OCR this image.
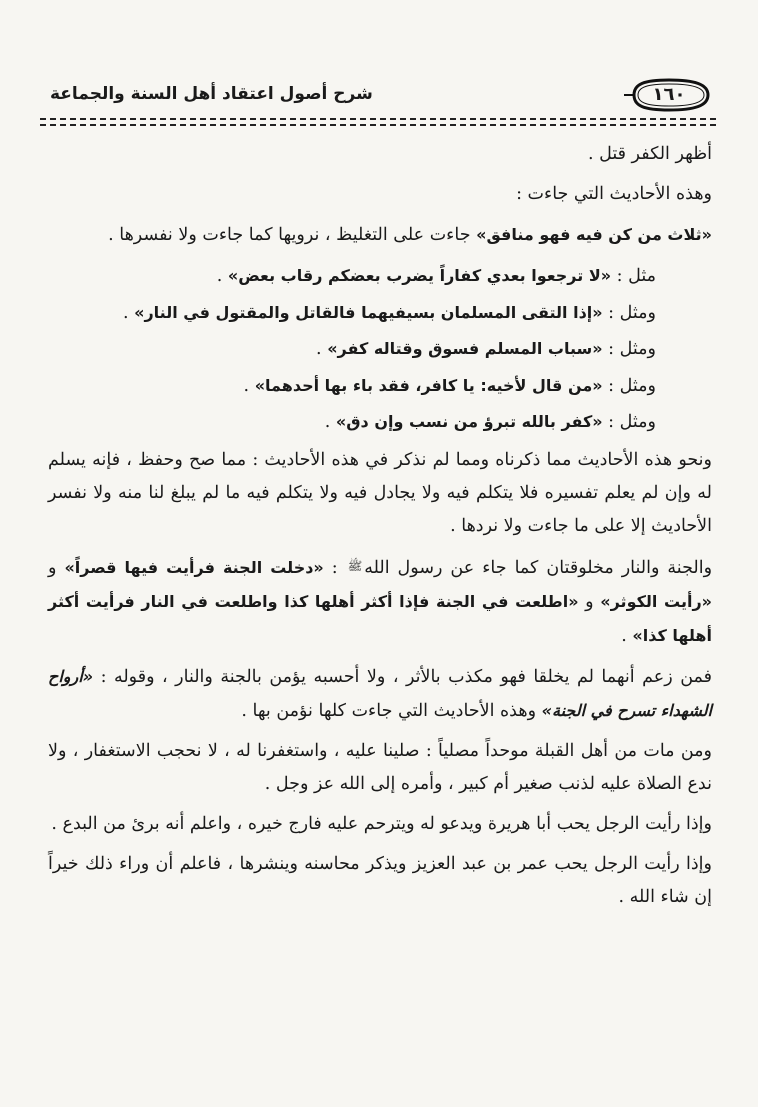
شرح أصول اعتقاد أهل السنة والجماعة	١٦٠

أظهر الكفر قتل .

وهذه الأحاديث التي جاءت :

«ثلاث من كن فيه فهو منافق» جاءت على التغليظ ، نرويها كما جاءت ولا نفسرها .

مثل : «لا ترجعوا بعدي كفاراً يضرب بعضكم رقاب بعض» .

ومثل : «إذا التقى المسلمان بسيفيهما فالقاتل والمقتول في النار» .

ومثل : «سباب المسلم فسوق وقتاله كفر» .

ومثل : «من قال لأخيه: يا كافر، فقد باء بها أحدهما» .

ومثل : «كفر بالله تبرؤ من نسب وإن دق» .

ونحو هذه الأحاديث مما ذكرناه ومما لم نذكر في هذه الأحاديث : مما صح وحفظ ، فإنه يسلم له وإن لم يعلم تفسيره فلا يتكلم فيه ولا يجادل فيه ولا يتكلم فيه ما لم يبلغ لنا منه ولا نفسر الأحاديث إلا على ما جاءت ولا نردها .

والجنة والنار مخلوقتان كما جاء عن رسول اللهﷺ : «دخلت الجنة فرأيت فيها قصراً» و «رأيت الكوثر» و «اطلعت في الجنة فإذا أكثر أهلها كذا واطلعت في النار فرأيت أكثر أهلها كذا» .

فمن زعم أنهما لم يخلقا فهو مكذب بالأثر ، ولا أحسبه يؤمن بالجنة والنار ، وقوله : «أرواح الشهداء تسرح في الجنة» وهذه الأحاديث التي جاءت كلها نؤمن بها .

ومن مات من أهل القبلة موحداً مصلياً : صلينا عليه ، واستغفرنا له ، لا نحجب الاستغفار ، ولا ندع الصلاة عليه لذنب صغير أم كبير ، وأمره إلى الله عز وجل .

وإذا رأيت الرجل يحب أبا هريرة ويدعو له ويترحم عليه فارج خيره ، واعلم أنه برئ من البدع .

وإذا رأيت الرجل يحب عمر بن عبد العزيز ويذكر محاسنه وينشرها ، فاعلم أن وراء ذلك خيراً إن شاء الله .
